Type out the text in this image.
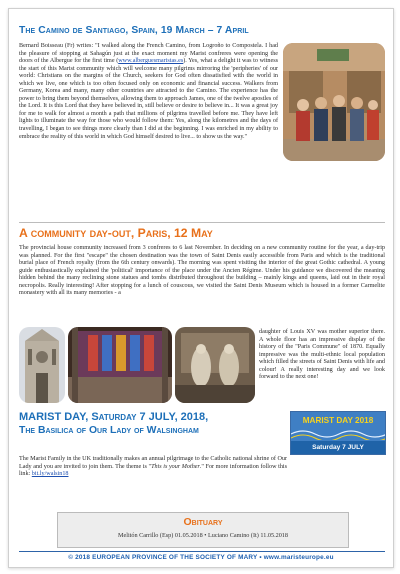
The Camino de Santiago, Spain, 19 March – 7 April
Bernard Boisseau (Fr) writes: "I walked along the French Camino, from Logroño to Compostela. I had the pleasure of stopping at Sahagún just at the exact moment my Marist confreres were opening the doors of the Albergue for the first time (www.alberguesmaristas.es). Yes, what a delight it was to witness the start of this Marist community which will welcome many pilgrims mirroring the 'peripheries' of our world: Christians on the margins of the Church, seekers for God often dissatisfied with the world in which we live, one which is too often focused only on economic and financial success. Walkers from Germany, Korea and many, many other countries are attracted to the Camino. The experience has the power to bring them beyond themselves, allowing them to approach James, one of the twelve apostles of the Lord. It is this Lord that they have believed in, still believe or desire to believe in... It was a great joy for me to walk for almost a month a path that millions of pilgrims travelled before me. They have left lights to illuminate the way for those who would follow them: Yes, along the kilometres and the days of travelling, I began to see things more clearly than I did at the beginning. I was enriched in my ability to embrace the reality of this world in which God himself desired to live... to show us the way."
A community day-out, Paris, 12 May
The provincial house community increased from 3 confreres to 6 last November. In deciding on a new community routine for the year, a day-trip was planned. For the first "escape" the chosen destination was the town of Saint Denis easily accessible from Paris and which is the traditional burial place of French royalty (from the 6th century onwards). The morning was spent visiting the interior of the great Gothic cathedral. A young guide enthusiastically explained the 'political' importance of the place under the Ancien Régime. Under his guidance we discovered the meaning hidden behind the many reclining stone statues and tombs distributed throughout the building – mainly kings and queens, laid out in their royal necropolis. Really interesting! After stopping for a lunch of couscous, we visited the Saint Denis Museum which is housed in a former Carmelite monastery with all its many memories - a
daughter of Louis XV was mother superior there. A whole floor has an impressive display of the history of the "Paris Commune" of 1870. Equally impressive was the multi-ethnic local population which filled the streets of Saint Denis with life and colour! A really interesting day and we look forward to the next one!
MARIST DAY, Saturday 7 JULY, 2018,
The Basilica of Our Lady of Walsingham
MARIST DAY 2018
Saturday 7 JULY
The Marist Family in the UK traditionally makes an annual pilgrimage to the Catholic national shrine of Our Lady and you are invited to join them. The theme is "This is your Mother." For more information follow this link: bit.ly/walsin18
Obituary
Melitón Carrillo (Esp) 01.05.2018 • Luciano Camino (It) 11.05.2018
© 2018 EUROPEAN PROVINCE OF THE SOCIETY OF MARY • www.maristeurope.eu
